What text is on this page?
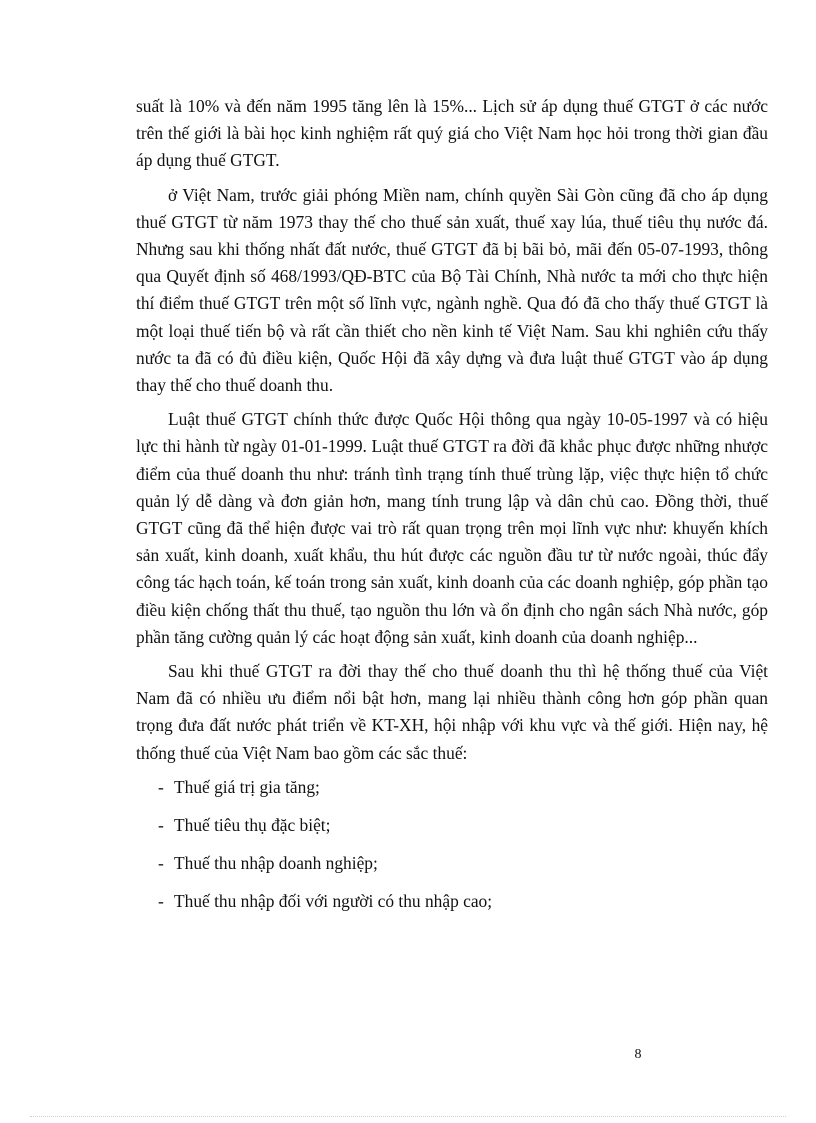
suất là 10% và đến năm 1995 tăng lên là 15%... Lịch sử áp dụng thuế GTGT ở các nước trên thế giới là bài học kinh nghiệm rất quý giá cho Việt Nam học hỏi trong thời gian đầu áp dụng thuế GTGT.

ở Việt Nam, trước giải phóng Miền nam, chính quyền Sài Gòn cũng đã cho áp dụng thuế GTGT từ năm 1973 thay thế cho thuế sản xuất, thuế xay lúa, thuế tiêu thụ nước đá. Nhưng sau khi thống nhất đất nước, thuế GTGT đã bị bãi bỏ, mãi đến 05-07-1993, thông qua Quyết định số 468/1993/QĐ-BTC của Bộ Tài Chính, Nhà nước ta mới cho thực hiện thí điểm thuế GTGT trên một số lĩnh vực, ngành nghề. Qua đó đã cho thấy thuế GTGT là một loại thuế tiến bộ và rất cần thiết cho nền kinh tế Việt Nam. Sau khi nghiên cứu thấy nước ta đã có đủ điều kiện, Quốc Hội đã xây dựng và đưa luật thuế GTGT vào áp dụng thay thế cho thuế doanh thu.

Luật thuế GTGT chính thức được Quốc Hội thông qua ngày 10-05-1997 và có hiệu lực thi hành từ ngày 01-01-1999. Luật thuế GTGT ra đời đã khắc phục được những nhược điểm của thuế doanh thu như: tránh tình trạng tính thuế trùng lặp, việc thực hiện tổ chức quản lý dễ dàng và đơn giản hơn, mang tính trung lập và dân chủ cao. Đồng thời, thuế GTGT cũng đã thể hiện được vai trò rất quan trọng trên mọi lĩnh vực như: khuyến khích sản xuất, kinh doanh, xuất khẩu, thu hút được các nguồn đầu tư từ nước ngoài, thúc đẩy công tác hạch toán, kế toán trong sản xuất, kinh doanh của các doanh nghiệp, góp phần tạo điều kiện chống thất thu thuế, tạo nguồn thu lớn và ổn định cho ngân sách Nhà nước, góp phần tăng cường quản lý các hoạt động sản xuất, kinh doanh của doanh nghiệp...

Sau khi thuế GTGT ra đời thay thế cho thuế doanh thu thì hệ thống thuế của Việt Nam đã có nhiều ưu điểm nổi bật hơn, mang lại nhiều thành công hơn góp phần quan trọng đưa đất nước phát triển về KT-XH, hội nhập với khu vực và thế giới. Hiện nay, hệ thống thuế của Việt Nam bao gồm các sắc thuế:

- Thuế giá trị gia tăng;
- Thuế tiêu thụ đặc biệt;
- Thuế thu nhập doanh nghiệp;
- Thuế thu nhập đối với người có thu nhập cao;
8
